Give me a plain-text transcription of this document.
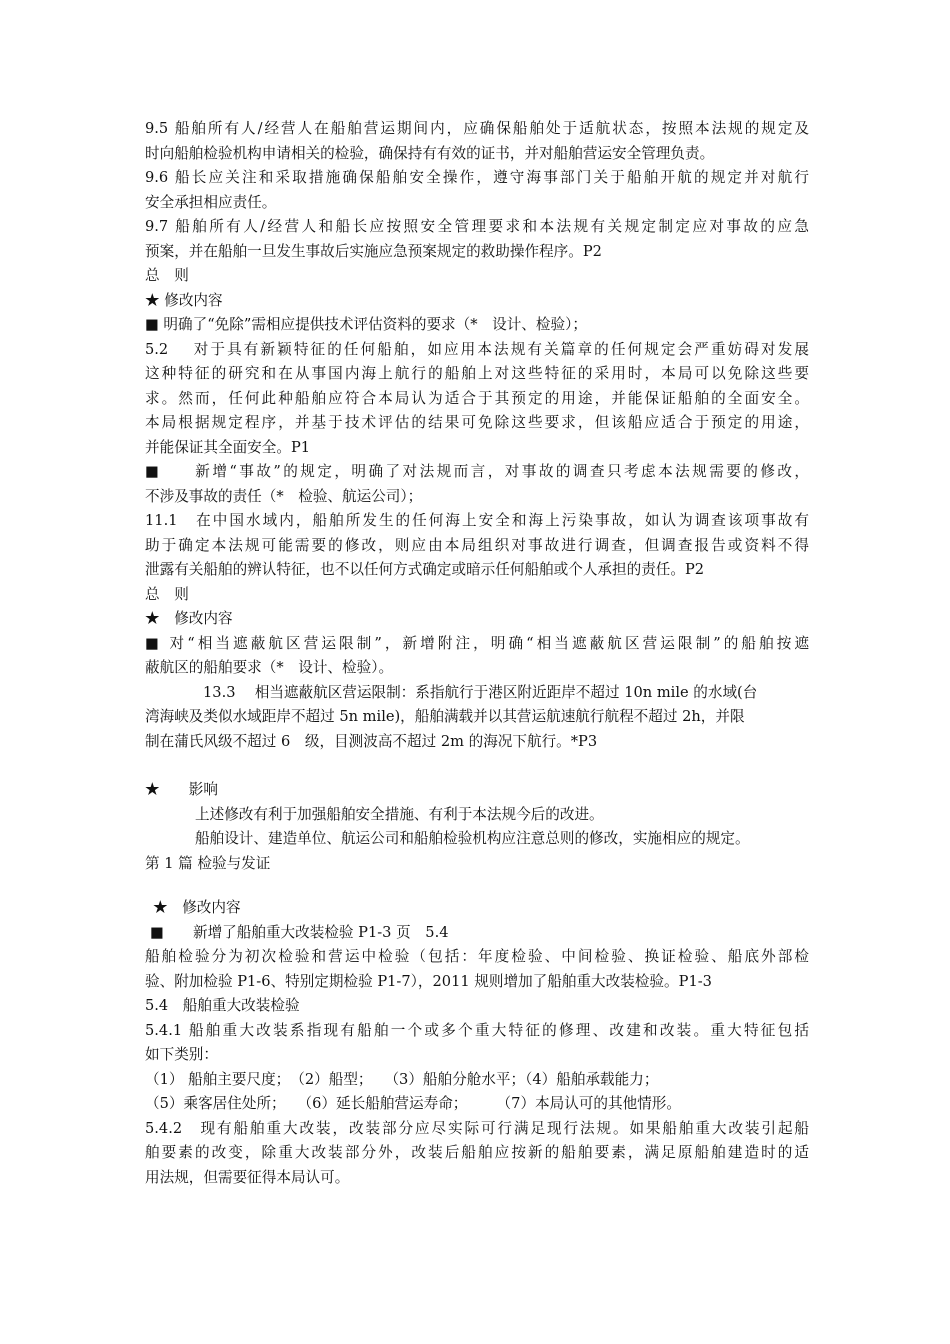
9.5 船舶所有人/经营人在船舶营运期间内，应确保船舶处于适航状态，按照本法规的规定及
时向船舶检验机构申请相关的检验，确保持有有效的证书，并对船舶营运安全管理负责。
9.6 船长应关注和采取措施确保船舶安全操作，遵守海事部门关于船舶开航的规定并对航行
安全承担相应责任。
9.7 船舶所有人/经营人和船长应按照安全管理要求和本法规有关规定制定应对事故的应急
预案，并在船舶一旦发生事故后实施应急预案规定的救助操作程序。P2
总　则
★ 修改内容
■ 明确了“免除”需相应提供技术评估资料的要求（*　设计、检验）；
5.2　 对于具有新颖特征的任何船舶，如应用本法规有关篇章的任何规定会严重妨碍对发展
这种特征的研究和在从事国内海上航行的船舶上对这些特征的采用时，本局可以免除这些要
求。然而，任何此种船舶应符合本局认为适合于其预定的用途，并能保证船舶的全面安全。
本局根据规定程序，并基于技术评估的结果可免除这些要求，但该船应适合于预定的用途，
并能保证其全面安全。P1
■　　新增“事故”的规定，明确了对法规而言，对事故的调查只考虑本法规需要的修改，
不涉及事故的责任（*　检验、航运公司）；
11.1　在中国水域内，船舶所发生的任何海上安全和海上污染事故，如认为调查该项事故有
助于确定本法规可能需要的修改，则应由本局组织对事故进行调查，但调查报告或资料不得
泄露有关船舶的辨认特征，也不以任何方式确定或暗示任何船舶或个人承担的责任。P2
总　则
★　修改内容
■ 对“相当遮蔽航区营运限制”，新增附注，明确“相当遮蔽航区营运限制”的船舶按遮
蔽航区的船舶要求（*　设计、检验）。
13.3　 相当遮蔽航区营运限制：系指航行于港区附近距岸不超过 10n mile 的水域(台
湾海峡及类似水域距岸不超过 5n mile)，船舶满载并以其营运航速航行航程不超过 2h，并限
制在蒲氏风级不超过 6　级，目测波高不超过 2m 的海况下航行。*P3
★　　影响
上述修改有利于加强船舶安全措施、有利于本法规今后的改进。
船舶设计、建造单位、航运公司和船舶检验机构应注意总则的修改，实施相应的规定。
第 1 篇 检验与发证
★　修改内容
■　　新增了船舶重大改装检验 P1-3 页　5.4
船舶检验分为初次检验和营运中检验（包括：年度检验、中间检验、换证检验、船底外部检
验、附加检验 P1-6、特别定期检验 P1-7），2011 规则增加了船舶重大改装检验。P1-3
5.4　船舶重大改装检验
5.4.1 船舶重大改装系指现有船舶一个或多个重大特征的修理、改建和改装。重大特征包括
如下类别：
（1） 船舶主要尺度；　（2）船型；　 （3）船舶分舱水平；（4）船舶承载能力；
（5）乘客居住处所；　 （6）延长船舶营运寿命；　　　（7）本局认可的其他情形。
5.4.2　现有船舶重大改装，改装部分应尽实际可行满足现行法规。如果船舶重大改装引起船
舶要素的改变，除重大改装部分外，改装后船舶应按新的船舶要素，满足原船舶建造时的适
用法规，但需要征得本局认可。
